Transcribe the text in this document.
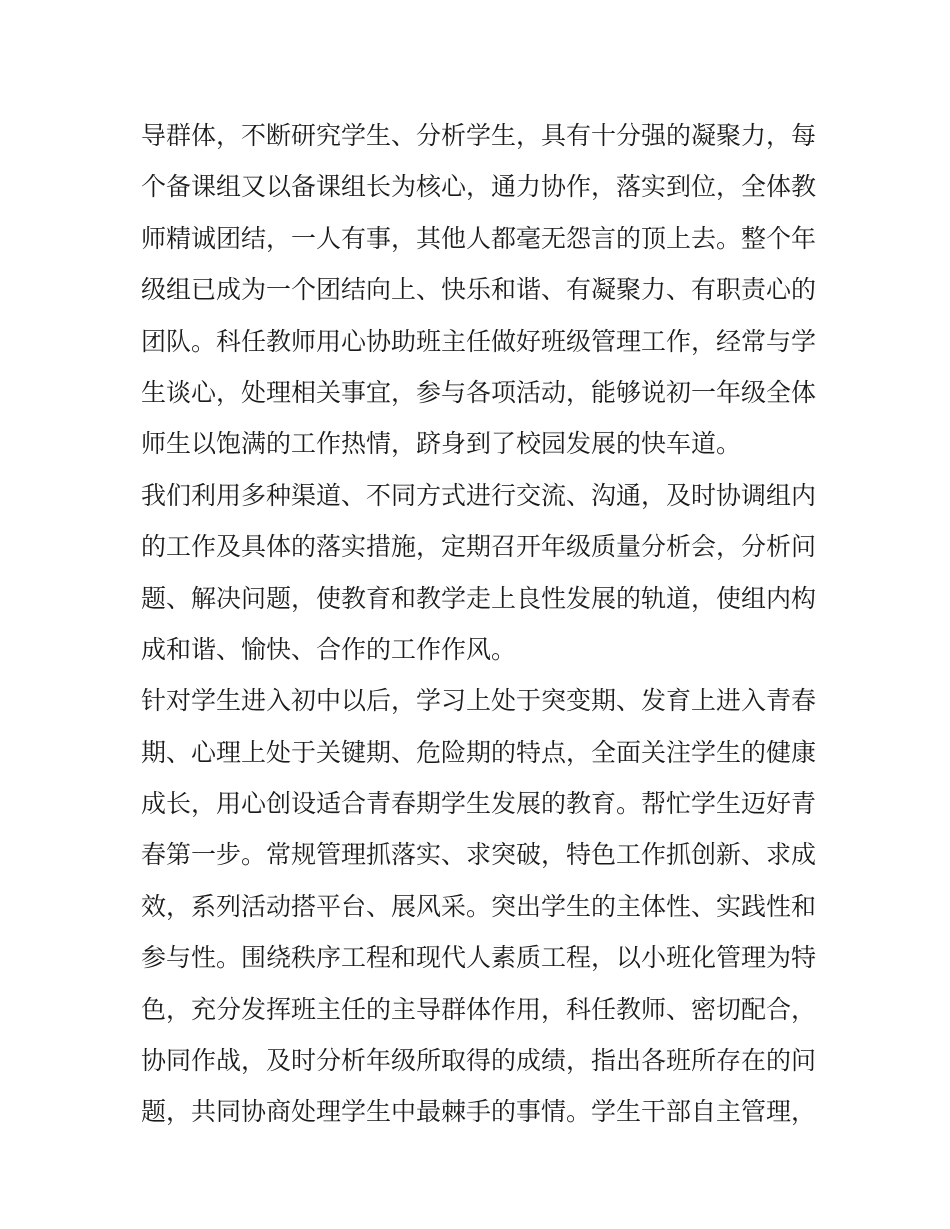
导群体，不断研究学生、分析学生，具有十分强的凝聚力，每
个备课组又以备课组长为核心，通力协作，落实到位，全体教
师精诚团结，一人有事，其他人都毫无怨言的顶上去。整个年
级组已成为一个团结向上、快乐和谐、有凝聚力、有职责心的
团队。科任教师用心协助班主任做好班级管理工作，经常与学
生谈心，处理相关事宜，参与各项活动，能够说初一年级全体
师生以饱满的工作热情，跻身到了校园发展的快车道。
我们利用多种渠道、不同方式进行交流、沟通，及时协调组内
的工作及具体的落实措施，定期召开年级质量分析会，分析问
题、解决问题，使教育和教学走上良性发展的轨道，使组内构
成和谐、愉快、合作的工作作风。
针对学生进入初中以后，学习上处于突变期、发育上进入青春
期、心理上处于关键期、危险期的特点，全面关注学生的健康
成长，用心创设适合青春期学生发展的教育。帮忙学生迈好青
春第一步。常规管理抓落实、求突破，特色工作抓创新、求成
效，系列活动搭平台、展风采。突出学生的主体性、实践性和
参与性。围绕秩序工程和现代人素质工程，以小班化管理为特
色，充分发挥班主任的主导群体作用，科任教师、密切配合，
协同作战，及时分析年级所取得的成绩，指出各班所存在的问
题，共同协商处理学生中最棘手的事情。学生干部自主管理，
